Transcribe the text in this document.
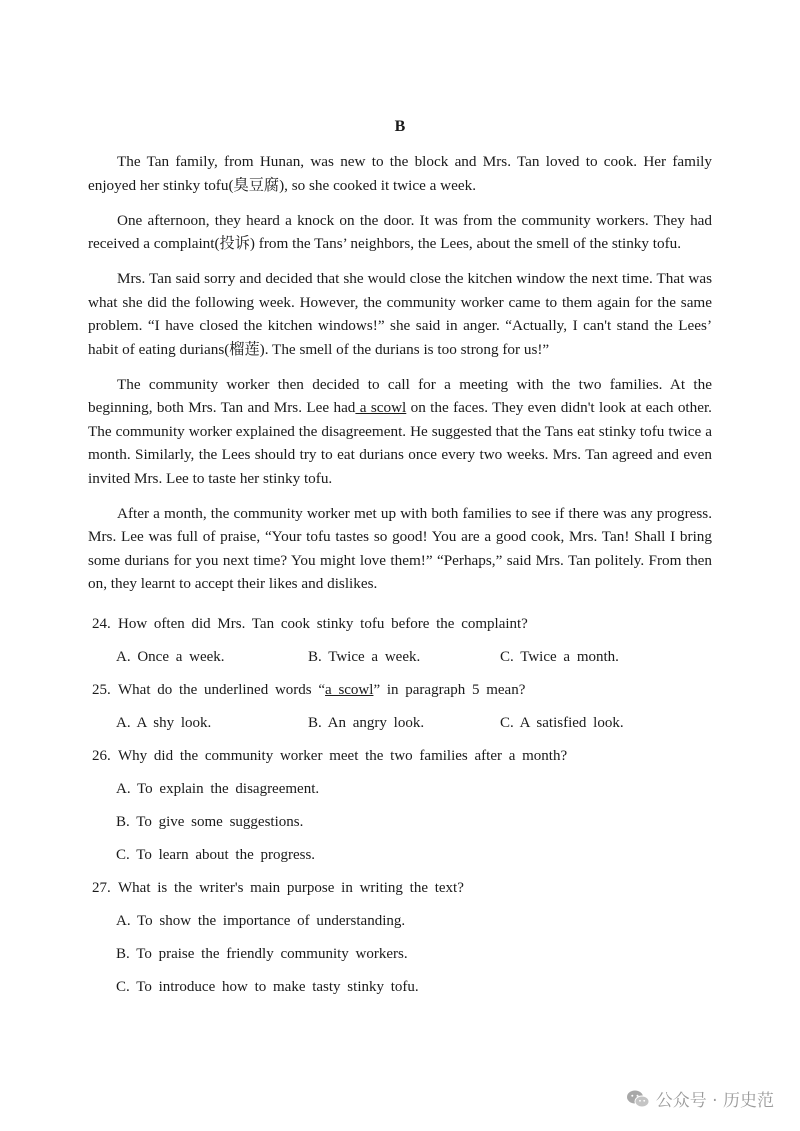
B

The Tan family, from Hunan, was new to the block and Mrs. Tan loved to cook. Her family enjoyed her stinky tofu(臭豆腐), so she cooked it twice a week.

One afternoon, they heard a knock on the door. It was from the community workers. They had received a complaint(投诉) from the Tans’ neighbors, the Lees, about the smell of the stinky tofu.

Mrs. Tan said sorry and decided that she would close the kitchen window the next time. That was what she did the following week. However, the community worker came to them again for the same problem. “I have closed the kitchen windows!” she said in anger. “Actually, I can't stand the Lees’ habit of eating durians(榴莲). The smell of the durians is too strong for us!”

The community worker then decided to call for a meeting with the two families. At the beginning, both Mrs. Tan and Mrs. Lee had a scowl on the faces. They even didn't look at each other. The community worker explained the disagreement. He suggested that the Tans eat stinky tofu twice a month. Similarly, the Lees should try to eat durians once every two weeks. Mrs. Tan agreed and even invited Mrs. Lee to taste her stinky tofu.

After a month, the community worker met up with both families to see if there was any progress. Mrs. Lee was full of praise, “Your tofu tastes so good! You are a good cook, Mrs. Tan! Shall I bring some durians for you next time? You might love them!” “Perhaps,” said Mrs. Tan politely. From then on, they learnt to accept their likes and dislikes.

24. How often did Mrs. Tan cook stinky tofu before the complaint?
A. Once a week.	B. Twice a week.	C. Twice a month.
25. What do the underlined words “a scowl” in paragraph 5 mean?
A. A shy look.	B. An angry look.	C. A satisfied look.
26. Why did the community worker meet the two families after a month?
A. To explain the disagreement.
B. To give some suggestions.
C. To learn about the progress.
27. What is the writer's main purpose in writing the text?
A. To show the importance of understanding.
B. To praise the friendly community workers.
C. To introduce how to make tasty stinky tofu.
公众号 · 历史范
